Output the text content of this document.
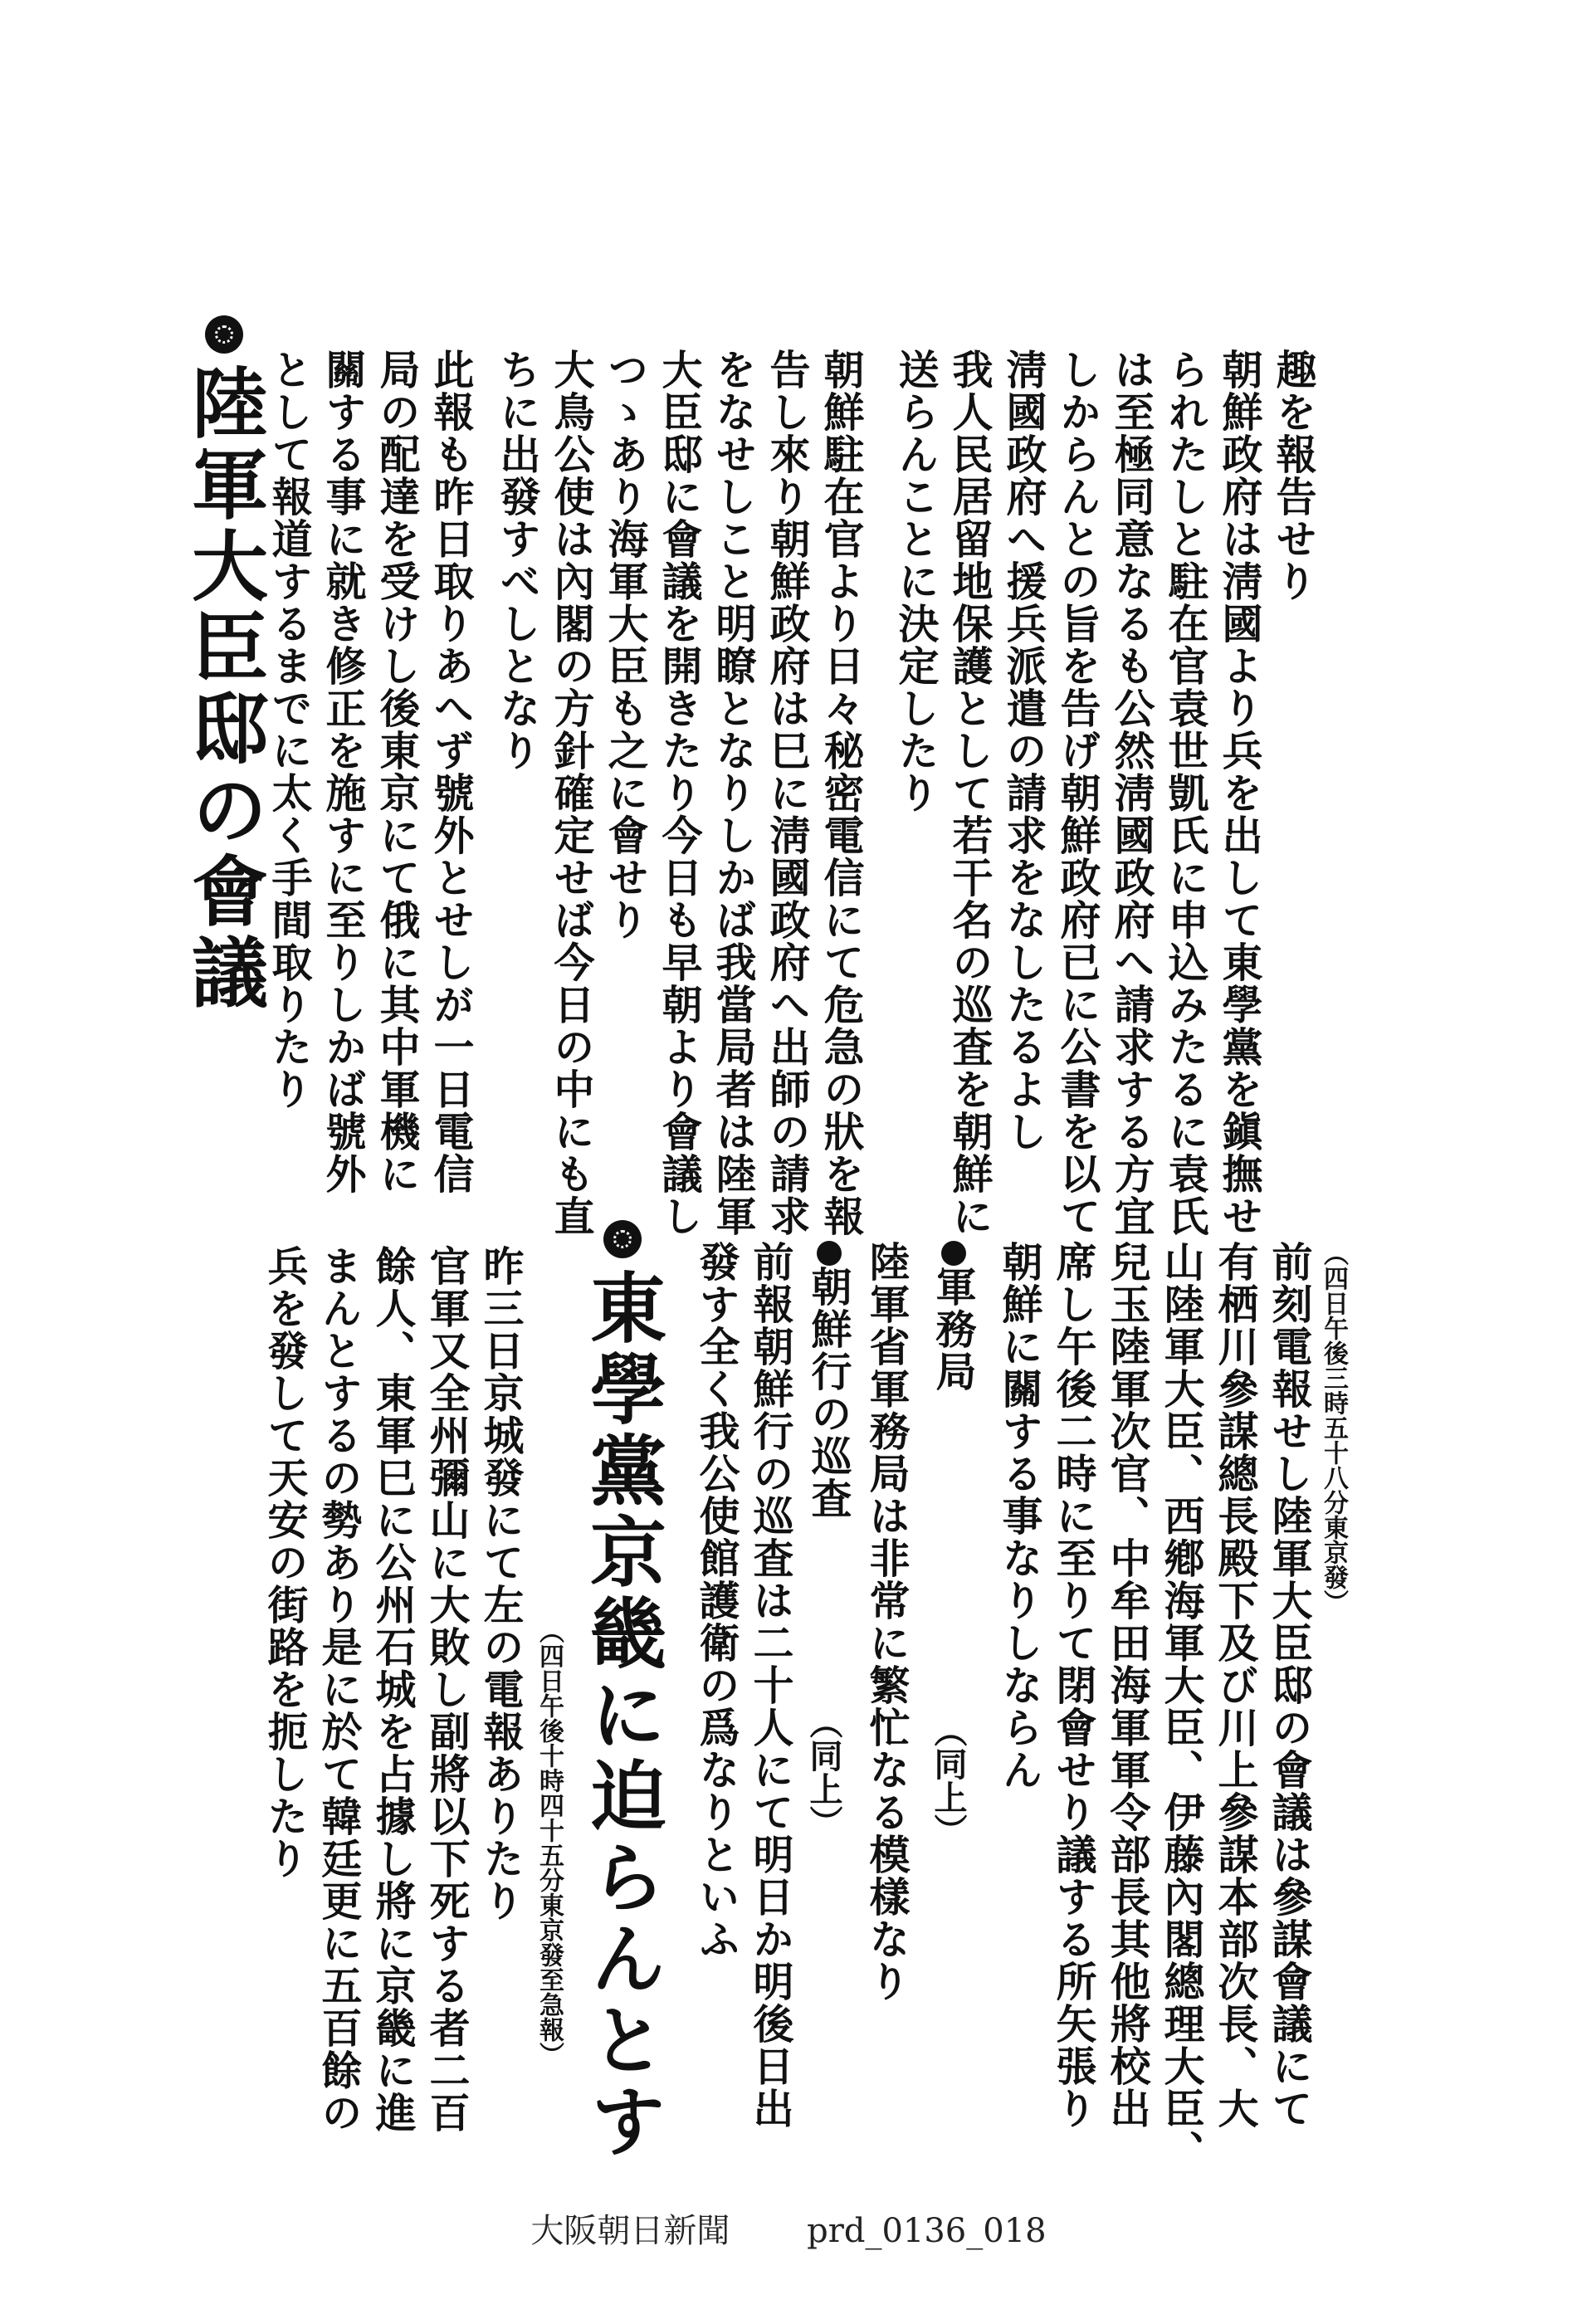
趣を報告せり
朝鮮政府は淸國より兵を出して東學黨を鎭撫せ
られたしと駐在官袁世凱氏に申込みたるに袁氏
は至極同意なるも公然淸國政府へ請求する方宜
しからんとの旨を告げ朝鮮政府已に公書を以て
淸國政府へ援兵派遣の請求をなしたるよし
我人民居留地保護として若干名の巡査を朝鮮に
送らんことに決定したり
朝鮮駐在官より日々秘密電信にて危急の狀を報
告し來り朝鮮政府は巳に淸國政府へ出師の請求
をなせしこと明瞭となりしかば我當局者は陸軍
大臣邸に會議を開きたり今日も早朝より會議し
つゝあり海軍大臣も之に會せり
大鳥公使は內閣の方針確定せば今日の中にも直
ちに出發すべしとなり
此報も昨日取りあへず號外とせしが一日電信
局の配達を受けし後東京にて俄に其中軍機に
關する事に就き修正を施すに至りしかば號外
として報道するまでに太く手間取りたり
陸軍大臣邸の會議
（四日午後三時五十八分東京發）
前刻電報せし陸軍大臣邸の會議は參謀會議にて
有栖川參謀總長殿下及び川上參謀本部次長、大
山陸軍大臣、西鄕海軍大臣、伊藤內閣總理大臣、
兒玉陸軍次官、中牟田海軍軍令部長其他將校出
席し午後二時に至りて閉會せり議する所矢張り
朝鮮に關する事なりしならん
軍務局
（同上）
陸軍省軍務局は非常に繁忙なる模樣なり
朝鮮行の巡査
（同上）
前報朝鮮行の巡査は二十人にて明日か明後日出
發す全く我公使館護衛の爲なりといふ
東學黨京畿に迫らんとす
（四日午後十時四十五分東京發至急報）
昨三日京城發にて左の電報ありたり
官軍又全州彌山に大敗し副將以下死する者二百
餘人、東軍巳に公州石城を占據し將に京畿に進
まんとするの勢あり是に於て韓廷更に五百餘の
兵を發して天安の街路を扼したり
大阪朝日新聞 prd_0136_018
